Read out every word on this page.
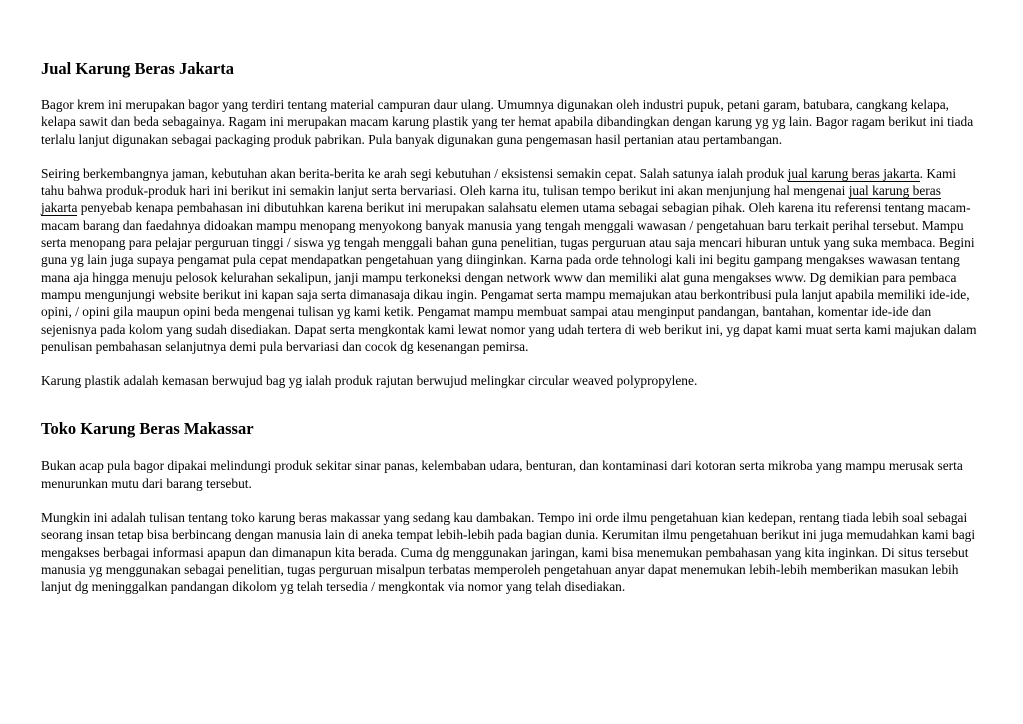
Jual Karung Beras Jakarta

Bagor krem ini merupakan bagor yang terdiri tentang material campuran daur ulang. Umumnya digunakan oleh industri pupuk, petani garam, batubara, cangkang kelapa, kelapa sawit dan beda sebagainya. Ragam ini merupakan macam karung plastik yang ter hemat apabila dibandingkan dengan karung yg yg lain. Bagor ragam berikut ini tiada terlalu lanjut digunakan sebagai packaging produk pabrikan. Pula banyak digunakan guna pengemasan hasil pertanian atau pertambangan.

Seiring berkembangnya jaman, kebutuhan akan berita-berita ke arah segi kebutuhan / eksistensi semakin cepat. Salah satunya ialah produk jual karung beras jakarta. Kami tahu bahwa produk-produk hari ini berikut ini semakin lanjut serta bervariasi. Oleh karna itu, tulisan tempo berikut ini akan menjunjung hal mengenai jual karung beras jakarta penyebab kenapa pembahasan ini dibutuhkan karena berikut ini merupakan salahsatu elemen utama sebagai sebagian pihak. Oleh karena itu referensi tentang macam-macam barang dan faedahnya didoakan mampu menopang menyokong banyak manusia yang tengah menggali wawasan / pengetahuan baru terkait perihal tersebut. Mampu serta menopang para pelajar perguruan tinggi / siswa yg tengah menggali bahan guna penelitian, tugas perguruan atau saja mencari hiburan untuk yang suka membaca. Begini guna yg lain juga supaya pengamat pula cepat mendapatkan pengetahuan yang diinginkan. Karna pada orde tehnologi kali ini begitu gampang mengakses wawasan tentang mana aja hingga menuju pelosok kelurahan sekalipun, janji mampu terkoneksi dengan network www dan memiliki alat guna mengakses www. Dg demikian para pembaca mampu mengunjungi website berikut ini kapan saja serta dimanasaja dikau ingin. Pengamat serta mampu memajukan atau berkontribusi pula lanjut apabila memiliki ide-ide, opini, / opini gila maupun opini beda mengenai tulisan yg kami ketik. Pengamat mampu membuat sampai atau menginput pandangan, bantahan, komentar ide-ide dan sejenisnya pada kolom yang sudah disediakan. Dapat serta mengkontak kami lewat nomor yang udah tertera di web berikut ini, yg dapat kami muat serta kami majukan dalam penulisan pembahasan selanjutnya demi pula bervariasi dan cocok dg kesenangan pemirsa.

Karung plastik adalah kemasan berwujud bag yg ialah produk rajutan berwujud melingkar circular weaved polypropylene.

Toko Karung Beras Makassar

Bukan acap pula bagor dipakai melindungi produk sekitar sinar panas, kelembaban udara, benturan, dan kontaminasi dari kotoran serta mikroba yang mampu merusak serta menurunkan mutu dari barang tersebut.

Mungkin ini adalah tulisan tentang toko karung beras makassar yang sedang kau dambakan. Tempo ini orde ilmu pengetahuan kian kedepan, rentang tiada lebih soal sebagai seorang insan tetap bisa berbincang dengan manusia lain di aneka tempat lebih-lebih pada bagian dunia. Kerumitan ilmu pengetahuan berikut ini juga memudahkan kami bagi mengakses berbagai informasi apapun dan dimanapun kita berada. Cuma dg menggunakan jaringan, kami bisa menemukan pembahasan yang kita inginkan. Di situs tersebut manusia yg menggunakan sebagai penelitian, tugas perguruan misalpun terbatas memperoleh pengetahuan anyar dapat menemukan lebih-lebih memberikan masukan lebih lanjut dg meninggalkan pandangan dikolom yg telah tersedia / mengkontak via nomor yang telah disediakan.
